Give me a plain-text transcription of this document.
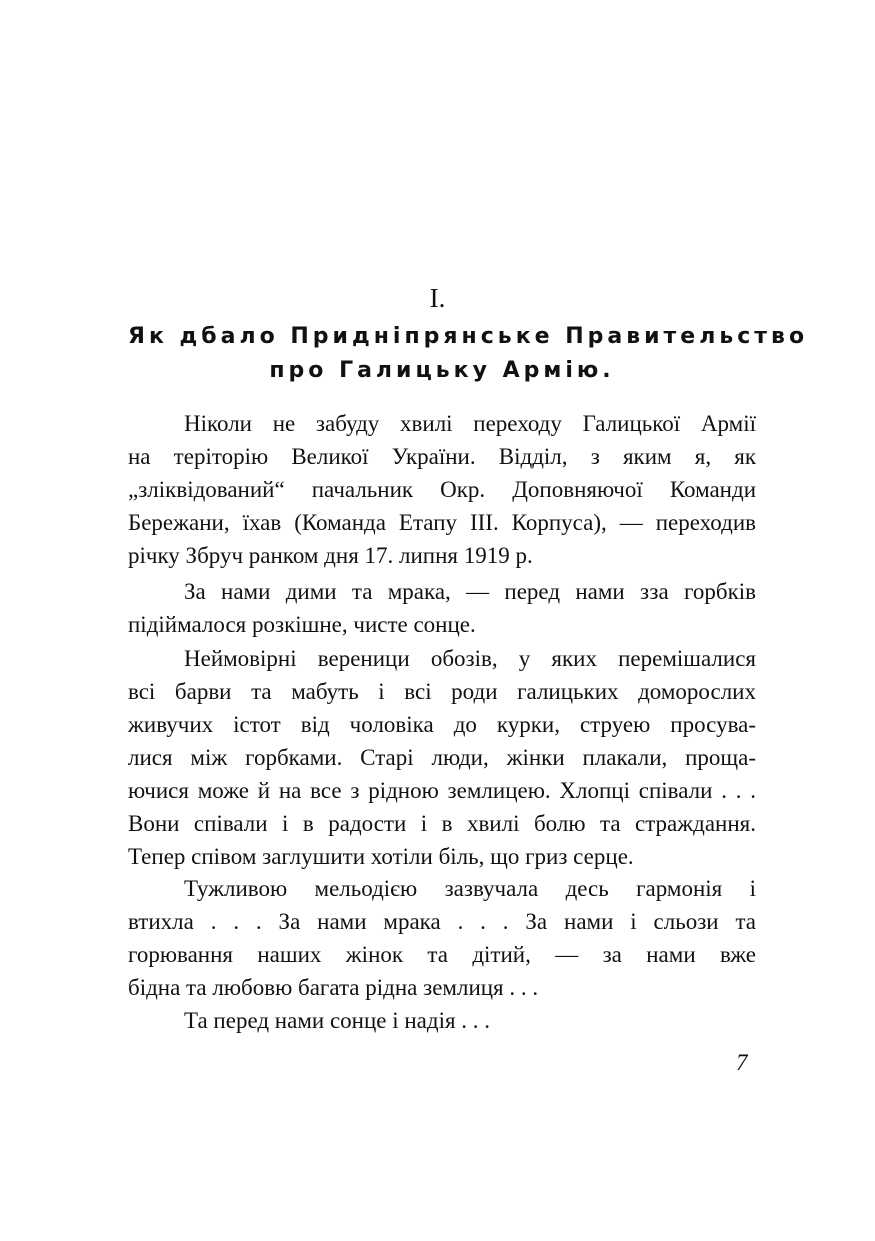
I.
Як дбало Придніпрянське Правительство
про Галицьку Армію.
Ніколи не забуду хвилі переходу Галицької Армії
на теріторію Великої України. Відділ, з яким я, як
„зліквідований“ пачальник Окр. Доповняючої Команди
Бережани, їхав (Команда Етапу III. Корпуса), — переходив
річку Збруч ранком дня 17. липня 1919 р.
За нами дими та мрака, — перед нами зза горбків
підіймалося розкішне, чисте сонце.
Неймовірні вереници обозів, у яких перемішалися
всі барви та мабуть і всі роди галицьких доморослих
живучих істот від чоловіка до курки, струею просува-
лися між горбками. Старі люди, жінки плакали, проща-
ючися може й на все з рідною землицею. Хлопці співали . . .
Вони співали і в радости і в хвилі болю та страждання.
Тепер співом заглушити хотіли біль, що гриз серце.
Тужливою мельодією зазвучала десь гармонія і
втихла . . . За нами мрака . . . За нами і сльози та
горювання наших жінок та дітий, — за нами вже
бідна та любовю багата рідна землиця . . .
Та перед нами сонце і надія . . .
7
